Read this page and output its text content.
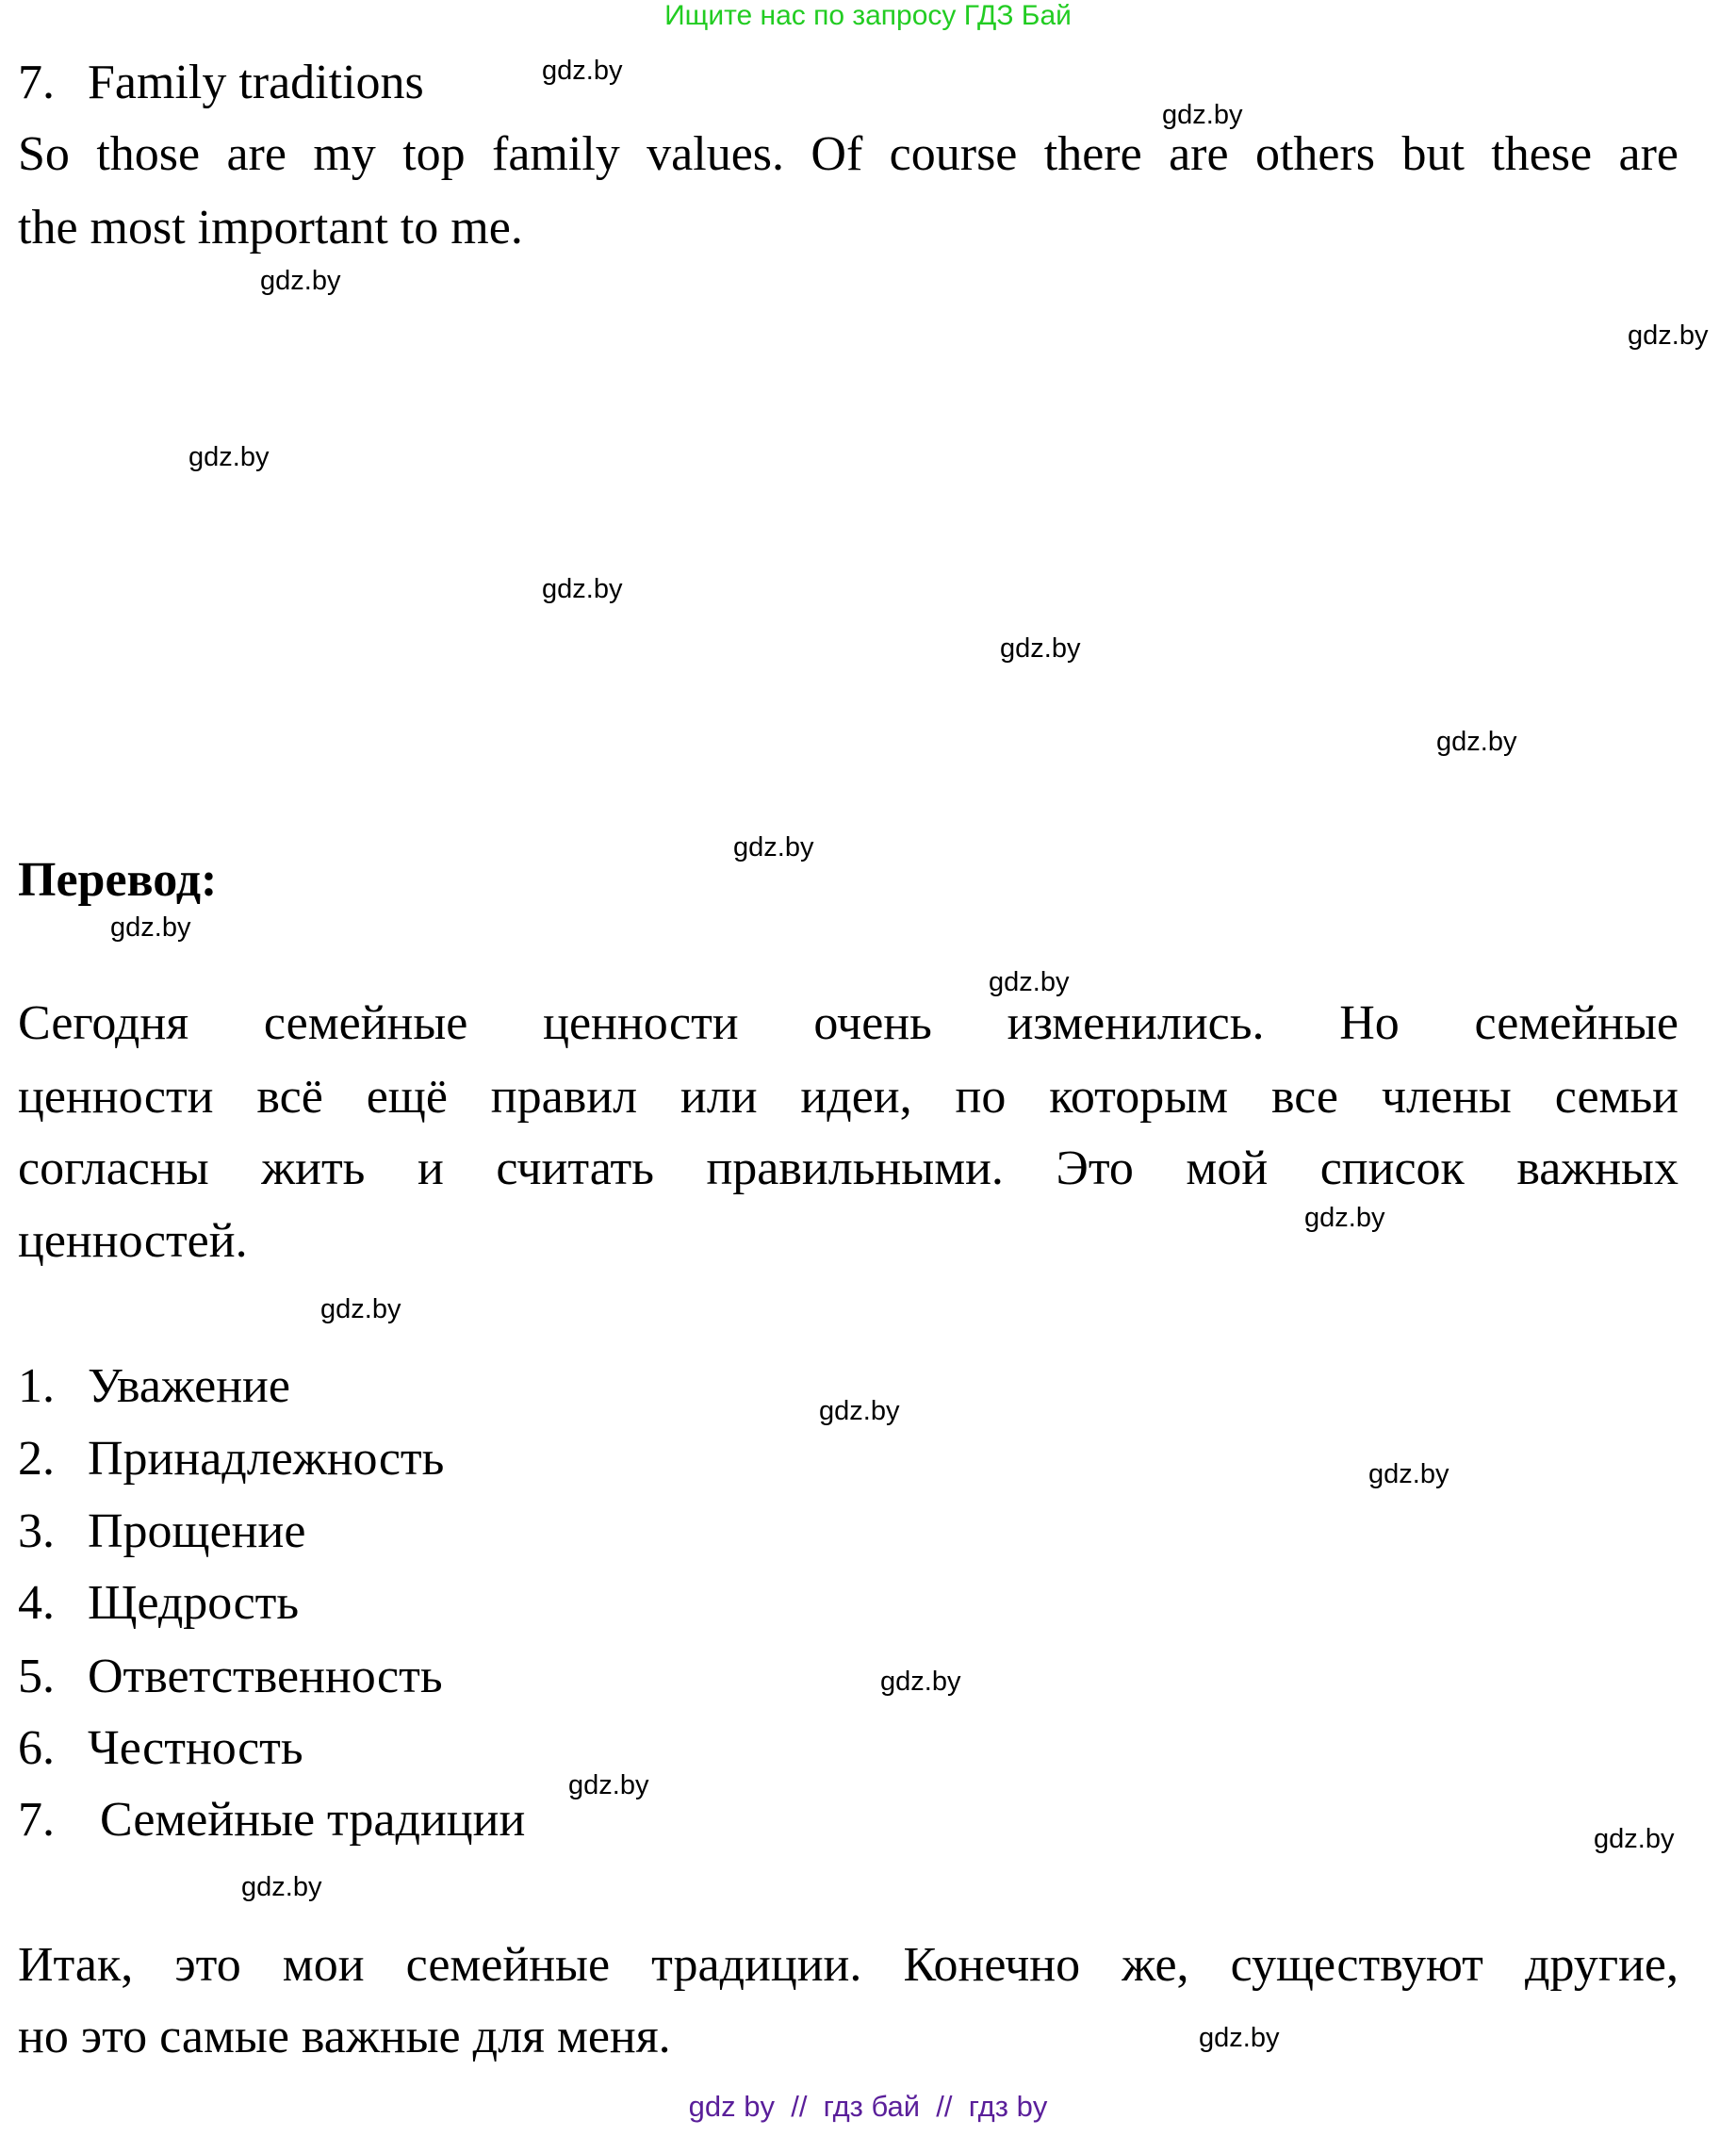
Ищите нас по запросу ГДЗ Бай
7. Family traditions
So those are my top family values. Of course there are others but these are
the most important to me.
Перевод:
Сегодня семейные ценности очень изменились. Но семейные
ценности всё ещё правил или идеи, по которым все члены семьи
согласны жить и считать правильными. Это мой список важных
ценностей.
1. Уважение
2. Принадлежность
3. Прощение
4. Щедрость
5. Ответственность
6. Честность
7. Семейные традиции
Итак, это мои семейные традиции. Конечно же, существуют другие,
но это самые важные для меня.
gdz.by
gdz.by
gdz.by
gdz.by
gdz.by
gdz.by
gdz.by
gdz.by
gdz.by
gdz.by
gdz.by
gdz.by
gdz.by
gdz.by
gdz.by
gdz.by
gdz.by
gdz.by
gdz.by
gdz.by
gdz by  //  гдз бай  //  гдз by
